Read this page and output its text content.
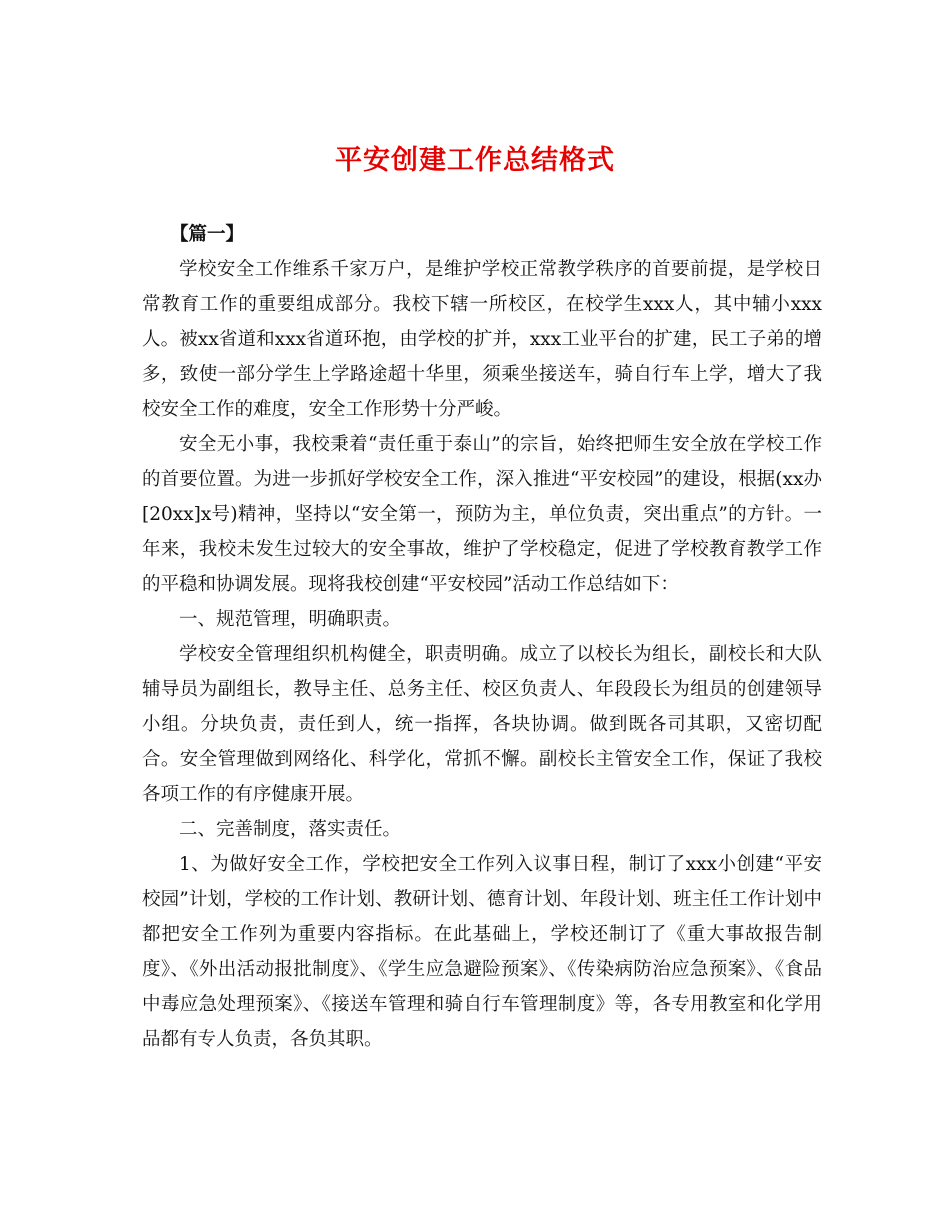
平安创建工作总结格式

【篇一】

学校安全工作维系千家万户，是维护学校正常教学秩序的首要前提，是学校日常教育工作的重要组成部分。我校下辖一所校区，在校学生xxx人，其中辅小xxx人。被xx省道和xxx省道环抱，由学校的扩并，xxx工业平台的扩建，民工子弟的增多，致使一部分学生上学路途超十华里，须乘坐接送车，骑自行车上学，增大了我校安全工作的难度，安全工作形势十分严峻。

安全无小事，我校秉着“责任重于泰山”的宗旨，始终把师生安全放在学校工作的首要位置。为进一步抓好学校安全工作，深入推进“平安校园”的建设，根据(xx办[20xx]x号)精神，坚持以“安全第一，预防为主，单位负责，突出重点”的方针。一年来，我校未发生过较大的安全事故，维护了学校稳定，促进了学校教育教学工作的平稳和协调发展。现将我校创建“平安校园”活动工作总结如下：

一、规范管理，明确职责。

学校安全管理组织机构健全，职责明确。成立了以校长为组长，副校长和大队辅导员为副组长，教导主任、总务主任、校区负责人、年段段长为组员的创建领导小组。分块负责，责任到人，统一指挥，各块协调。做到既各司其职，又密切配合。安全管理做到网络化、科学化，常抓不懈。副校长主管安全工作，保证了我校各项工作的有序健康开展。

二、完善制度，落实责任。

1、为做好安全工作，学校把安全工作列入议事日程，制订了xxx小创建“平安校园”计划，学校的工作计划、教研计划、德育计划、年段计划、班主任工作计划中都把安全工作列为重要内容指标。在此基础上，学校还制订了《重大事故报告制度》、《外出活动报批制度》、《学生应急避险预案》、《传染病防治应急预案》、《食品中毒应急处理预案》、《接送车管理和骑自行车管理制度》等，各专用教室和化学用品都有专人负责，各负其职。
